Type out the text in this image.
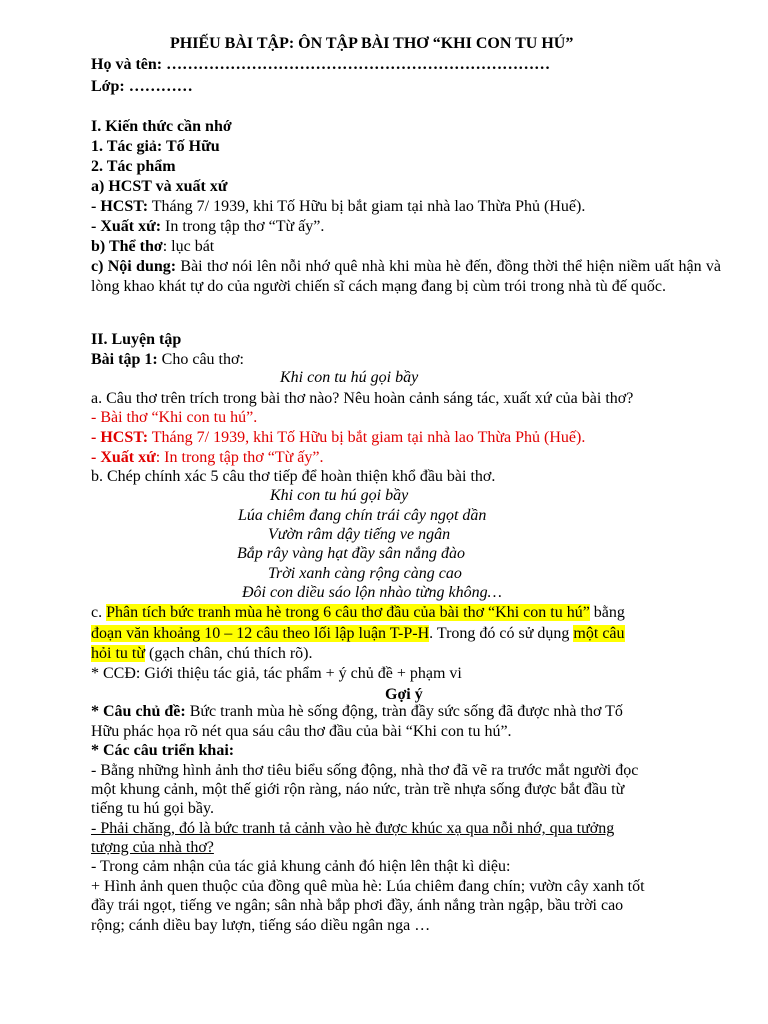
PHIẾU BÀI TẬP: ÔN TẬP BÀI THƠ “KHI CON TU HÚ”
Họ và tên: ………………………………………………………………
Lớp: …………
I. Kiến thức cần nhớ
1. Tác giả: Tố Hữu
2. Tác phẩm
a) HCST và xuất xứ
- HCST: Tháng 7/ 1939, khi Tố Hữu bị bắt giam tại nhà lao Thừa Phủ (Huế).
- Xuất xứ: In trong tập thơ “Từ ấy”.
b) Thể thơ: lục bát
c) Nội dung: Bài thơ nói lên nỗi nhớ quê nhà khi mùa hè đến, đồng thời thể hiện niềm uất hận và lòng khao khát tự do của người chiến sĩ cách mạng đang bị cùm trói trong nhà tù đế quốc.
II. Luyện tập
Bài tập 1: Cho câu thơ:
Khi con tu hú gọi bầy
a. Câu thơ trên trích trong bài thơ nào? Nêu hoàn cảnh sáng tác, xuất xứ của bài thơ?
- Bài thơ “Khi con tu hú”.
- HCST: Tháng 7/ 1939, khi Tố Hữu bị bắt giam tại nhà lao Thừa Phủ (Huế).
- Xuất xứ: In trong tập thơ “Từ ấy”.
b. Chép chính xác 5 câu thơ tiếp để hoàn thiện khổ đầu bài thơ.
Khi con tu hú gọi bầy
Lúa chiêm đang chín trái cây ngọt dần
Vườn râm dậy tiếng ve ngân
Bắp rây vàng hạt đầy sân nắng đào
Trời xanh càng rộng càng cao
Đôi con diều sáo lộn nhào từng không…
c. Phân tích bức tranh mùa hè trong 6 câu thơ đầu của bài thơ “Khi con tu hú” bằng
đoạn văn khoảng 10 – 12 câu theo lối lập luận T-P-H. Trong đó có sử dụng một câu
hỏi tu từ (gạch chân, chú thích rõ).
* CCĐ: Giới thiệu tác giả, tác phẩm + ý chủ đề + phạm vi
Gợi ý
* Câu chủ đề: Bức tranh mùa hè sống động, tràn đầy sức sống đã được nhà thơ Tố
Hữu phác họa rõ nét qua sáu câu thơ đầu của bài “Khi con tu hú”.
* Các câu triển khai:
- Bằng những hình ảnh thơ tiêu biểu sống động, nhà thơ đã vẽ ra trước mắt người đọc
một khung cảnh, một thế giới rộn ràng, náo nức, tràn trề nhựa sống được bắt đầu từ
tiếng tu hú gọi bầy.
- Phải chăng, đó là bức tranh tả cảnh vào hè được khúc xạ qua nỗi nhớ, qua tưởng
tượng của nhà thơ?
- Trong cảm nhận của tác giả khung cảnh đó hiện lên thật kì diệu:
+ Hình ảnh quen thuộc của đồng quê mùa hè: Lúa chiêm đang chín; vườn cây xanh tốt
đầy trái ngọt, tiếng ve ngân; sân nhà bắp phơi đầy, ánh nắng tràn ngập, bầu trời cao
rộng; cánh diều bay lượn, tiếng sáo diều ngân nga …
